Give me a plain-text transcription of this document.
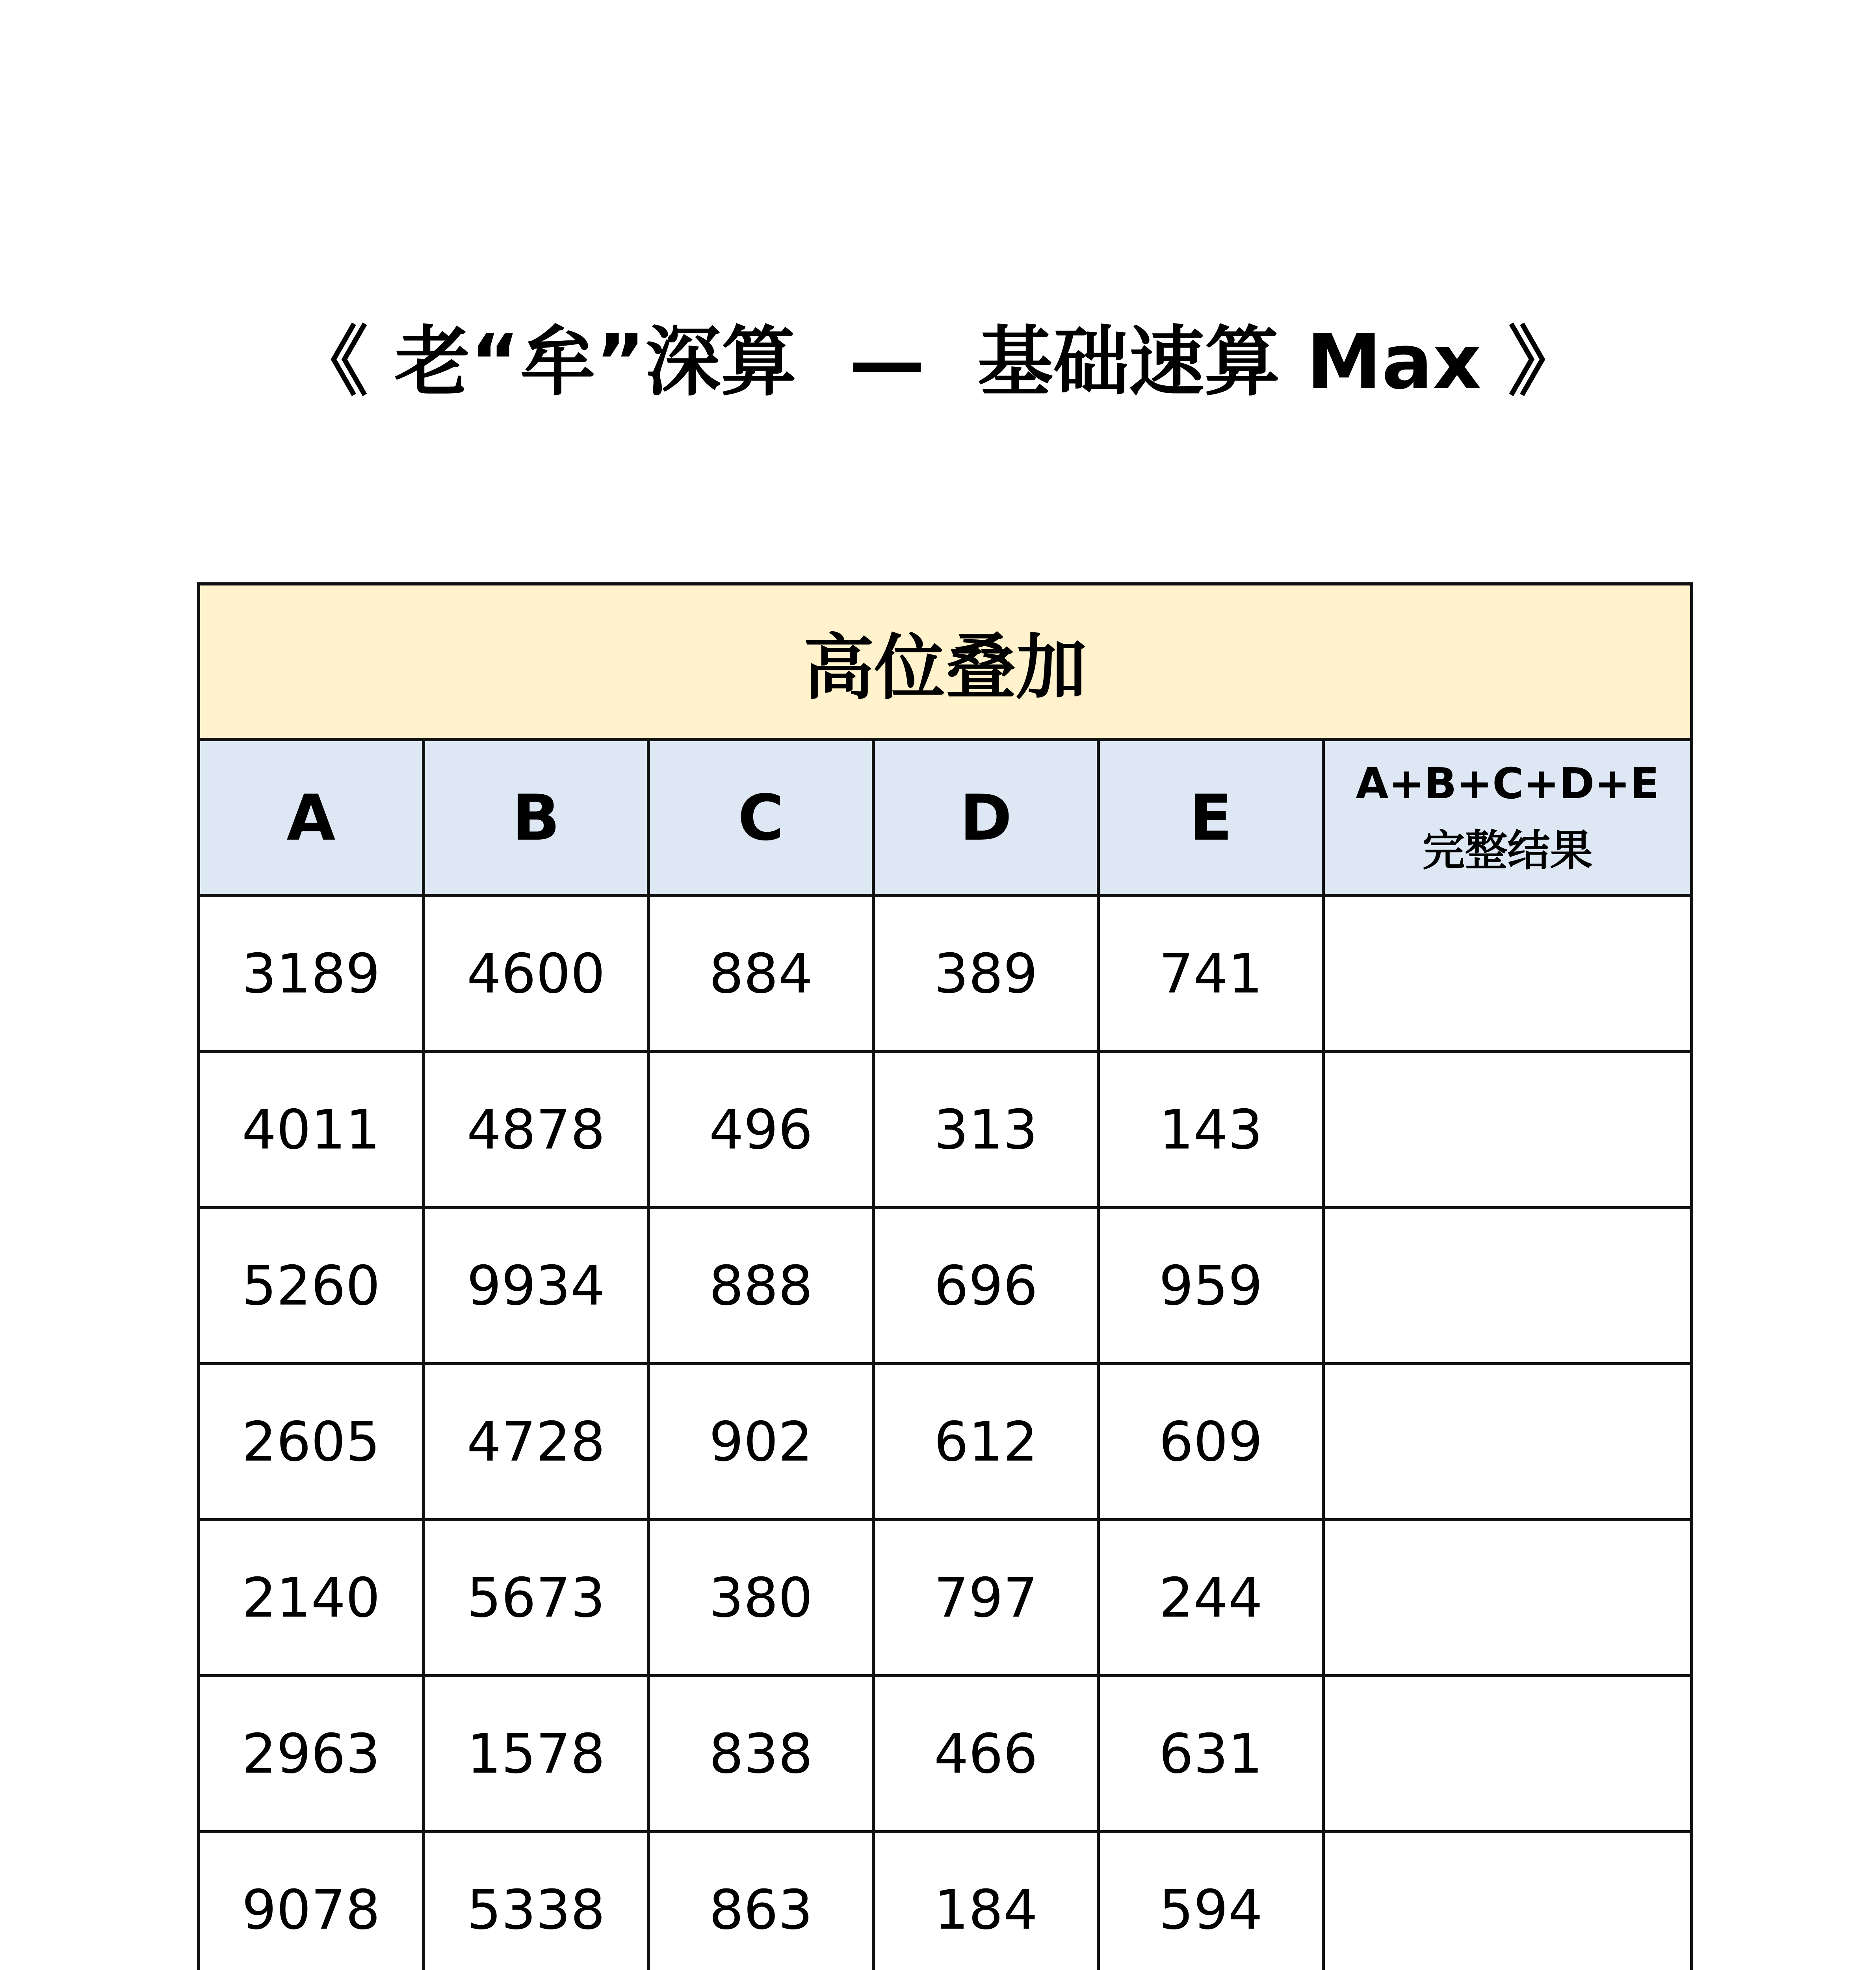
《 老“牟”深算  —  基础速算 Max 》
高位叠加					
A	B	C	D	E	A+B+C+D+E
完整结果

3189	4600	884	389	741	
4011	4878	496	313	143	
5260	9934	888	696	959	
2605	4728	902	612	609	
2140	5673	380	797	244	
2963	1578	838	466	631	
9078	5338	863	184	594	
